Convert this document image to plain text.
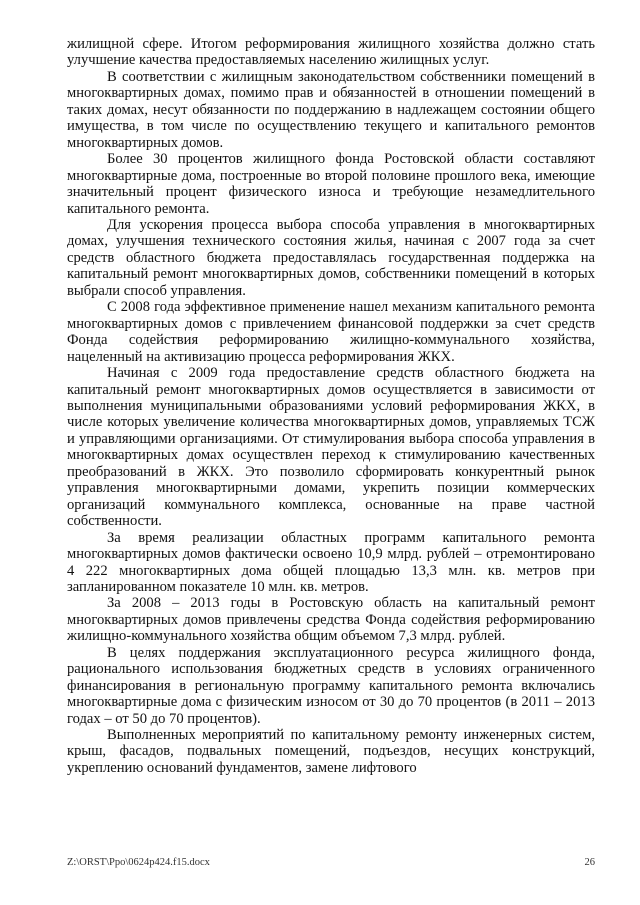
жилищной сфере. Итогом реформирования жилищного хозяйства должно стать улучшение качества предоставляемых населению жилищных услуг.

В соответствии с жилищным законодательством собственники помещений в многоквартирных домах, помимо прав и обязанностей в отношении помещений в таких домах, несут обязанности по поддержанию в надлежащем состоянии общего имущества, в том числе по осуществлению текущего и капитального ремонтов многоквартирных домов.

Более 30 процентов жилищного фонда Ростовской области составляют многоквартирные дома, построенные во второй половине прошлого века, имеющие значительный процент физического износа и требующие незамедлительного капитального ремонта.

Для ускорения процесса выбора способа управления в многоквартирных домах, улучшения технического состояния жилья, начиная с 2007 года за счет средств областного бюджета предоставлялась государственная поддержка на капитальный ремонт многоквартирных домов, собственники помещений в которых выбрали способ управления.

С 2008 года эффективное применение нашел механизм капитального ремонта многоквартирных домов с привлечением финансовой поддержки за счет средств Фонда содействия реформированию жилищно-коммунального хозяйства, нацеленный на активизацию процесса реформирования ЖКХ.

Начиная с 2009 года предоставление средств областного бюджета на капитальный ремонт многоквартирных домов осуществляется в зависимости от выполнения муниципальными образованиями условий реформирования ЖКХ, в числе которых увеличение количества многоквартирных домов, управляемых ТСЖ и управляющими организациями. От стимулирования выбора способа управления в многоквартирных домах осуществлен переход к стимулированию качественных преобразований в ЖКХ. Это позволило сформировать конкурентный рынок управления многоквартирными домами, укрепить позиции коммерческих организаций коммунального комплекса, основанные на праве частной собственности.

За время реализации областных программ капитального ремонта многоквартирных домов фактически освоено 10,9 млрд. рублей – отремонтировано 4 222 многоквартирных дома общей площадью 13,3 млн. кв. метров при запланированном показателе 10 млн. кв. метров.

За 2008 – 2013 годы в Ростовскую область на капитальный ремонт многоквартирных домов привлечены средства Фонда содействия реформированию жилищно-коммунального хозяйства общим объемом 7,3 млрд. рублей.

В целях поддержания эксплуатационного ресурса жилищного фонда, рационального использования бюджетных средств в условиях ограниченного финансирования в региональную программу капитального ремонта включались многоквартирные дома с физическим износом от 30 до 70 процентов (в 2011 – 2013 годах – от 50 до 70 процентов).

Выполненных мероприятий по капитальному ремонту инженерных систем, крыш, фасадов, подвальных помещений, подъездов, несущих конструкций, укреплению оснований фундаментов, замене лифтового

Z:\ORST\Ppo\0624p424.f15.docx	26
